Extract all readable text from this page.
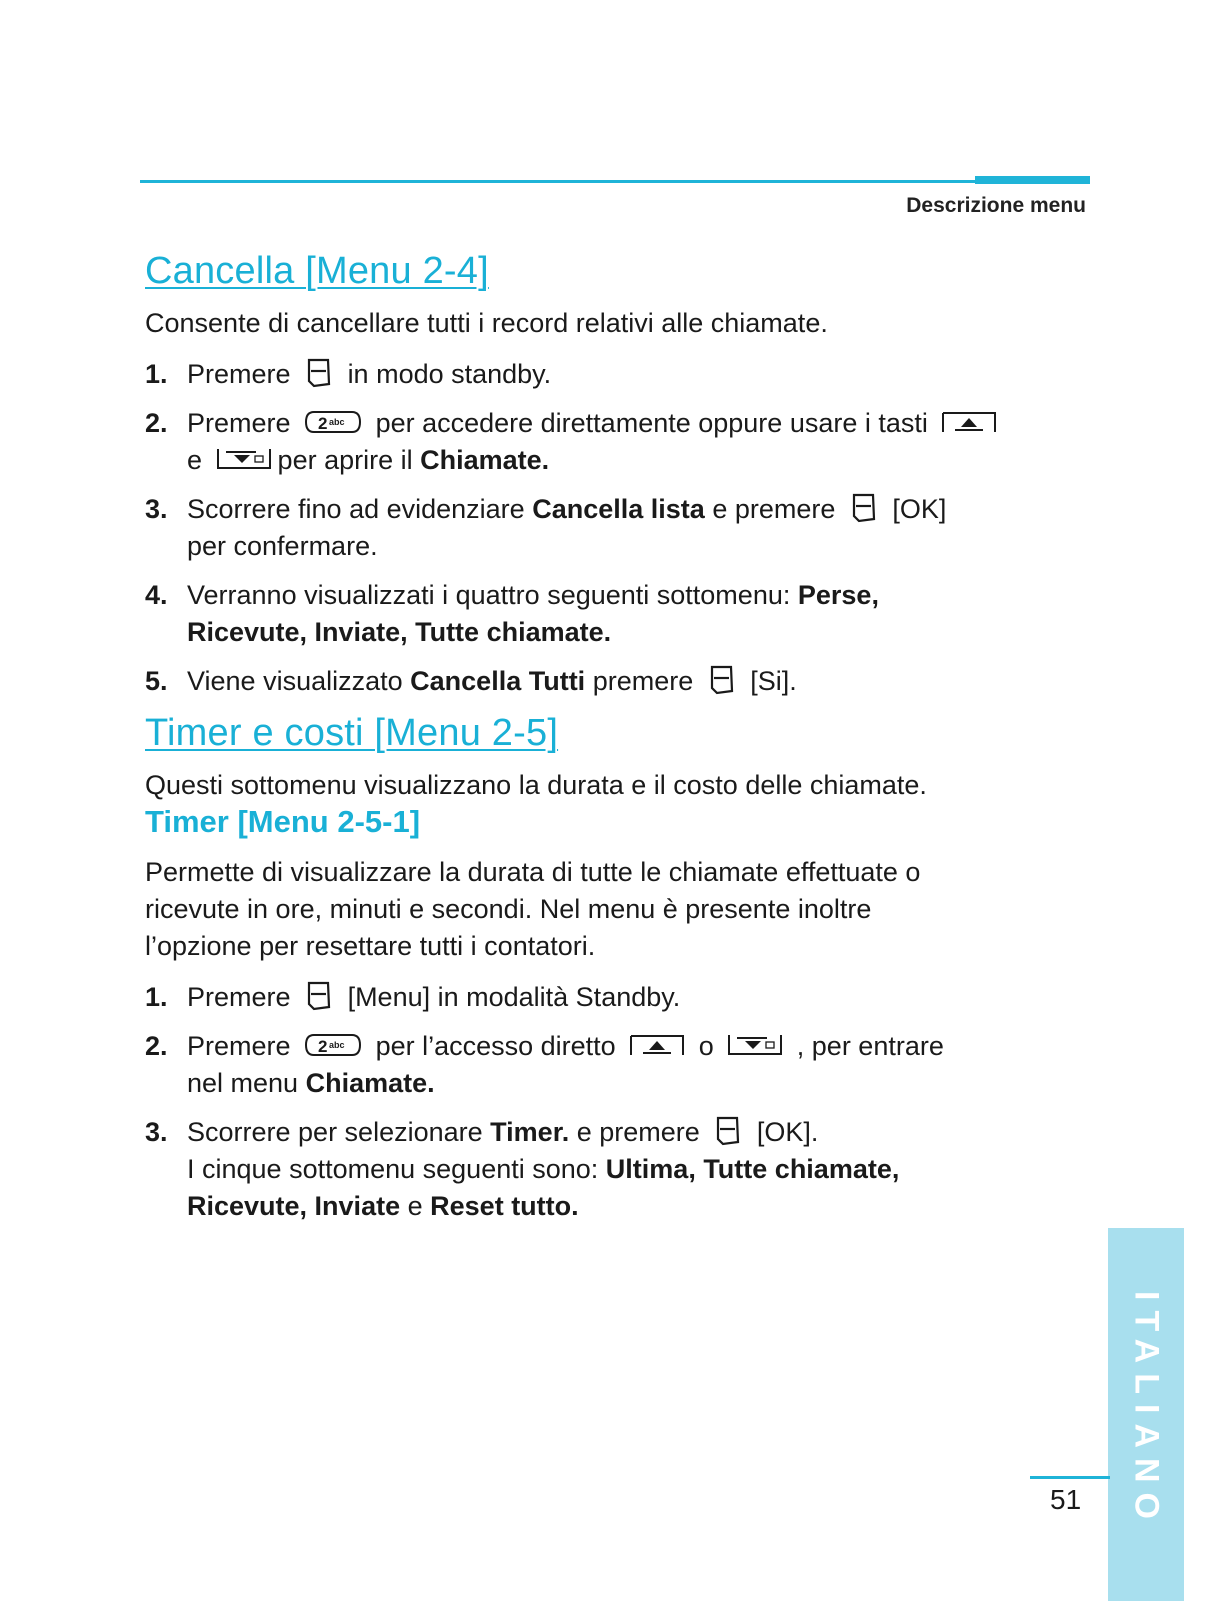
Descrizione menu
Cancella [Menu 2-4]

Consente di cancellare tutti i record relativi alle chiamate.

1. Premere in modo standby.
2. Premere	per accedere direttamente oppure usare i tasti
e	per aprire il Chiamate.
3. Scorrere fino ad evidenziare Cancella lista e premere [OK]
per confermare.
4. Verranno visualizzati i quattro seguenti sottomenu: Perse,
Ricevute, Inviate, Tutte chiamate.
5. Viene visualizzato Cancella Tutti premere [Si].
Timer e costi [Menu 2-5]

Questi sottomenu visualizzano la durata e il costo delle chiamate.

Timer [Menu 2-5-1]

Permette di visualizzare la durata di tutte le chiamate effettuate o
ricevute in ore, minuti e secondi. Nel menu è presente inoltre
l’opzione per resettare tutti i contatori.

1. Premere [Menu] in modalità Standby.
2. Premere	per l’accesso diretto	o	, per entrare
nel menu Chiamate.
3. Scorrere per selezionare Timer. e premere [OK].
I cinque sottomenu seguenti sono: Ultima, Tutte chiamate,
Ricevute, Inviate e Reset tutto.
ITALIANO
51
